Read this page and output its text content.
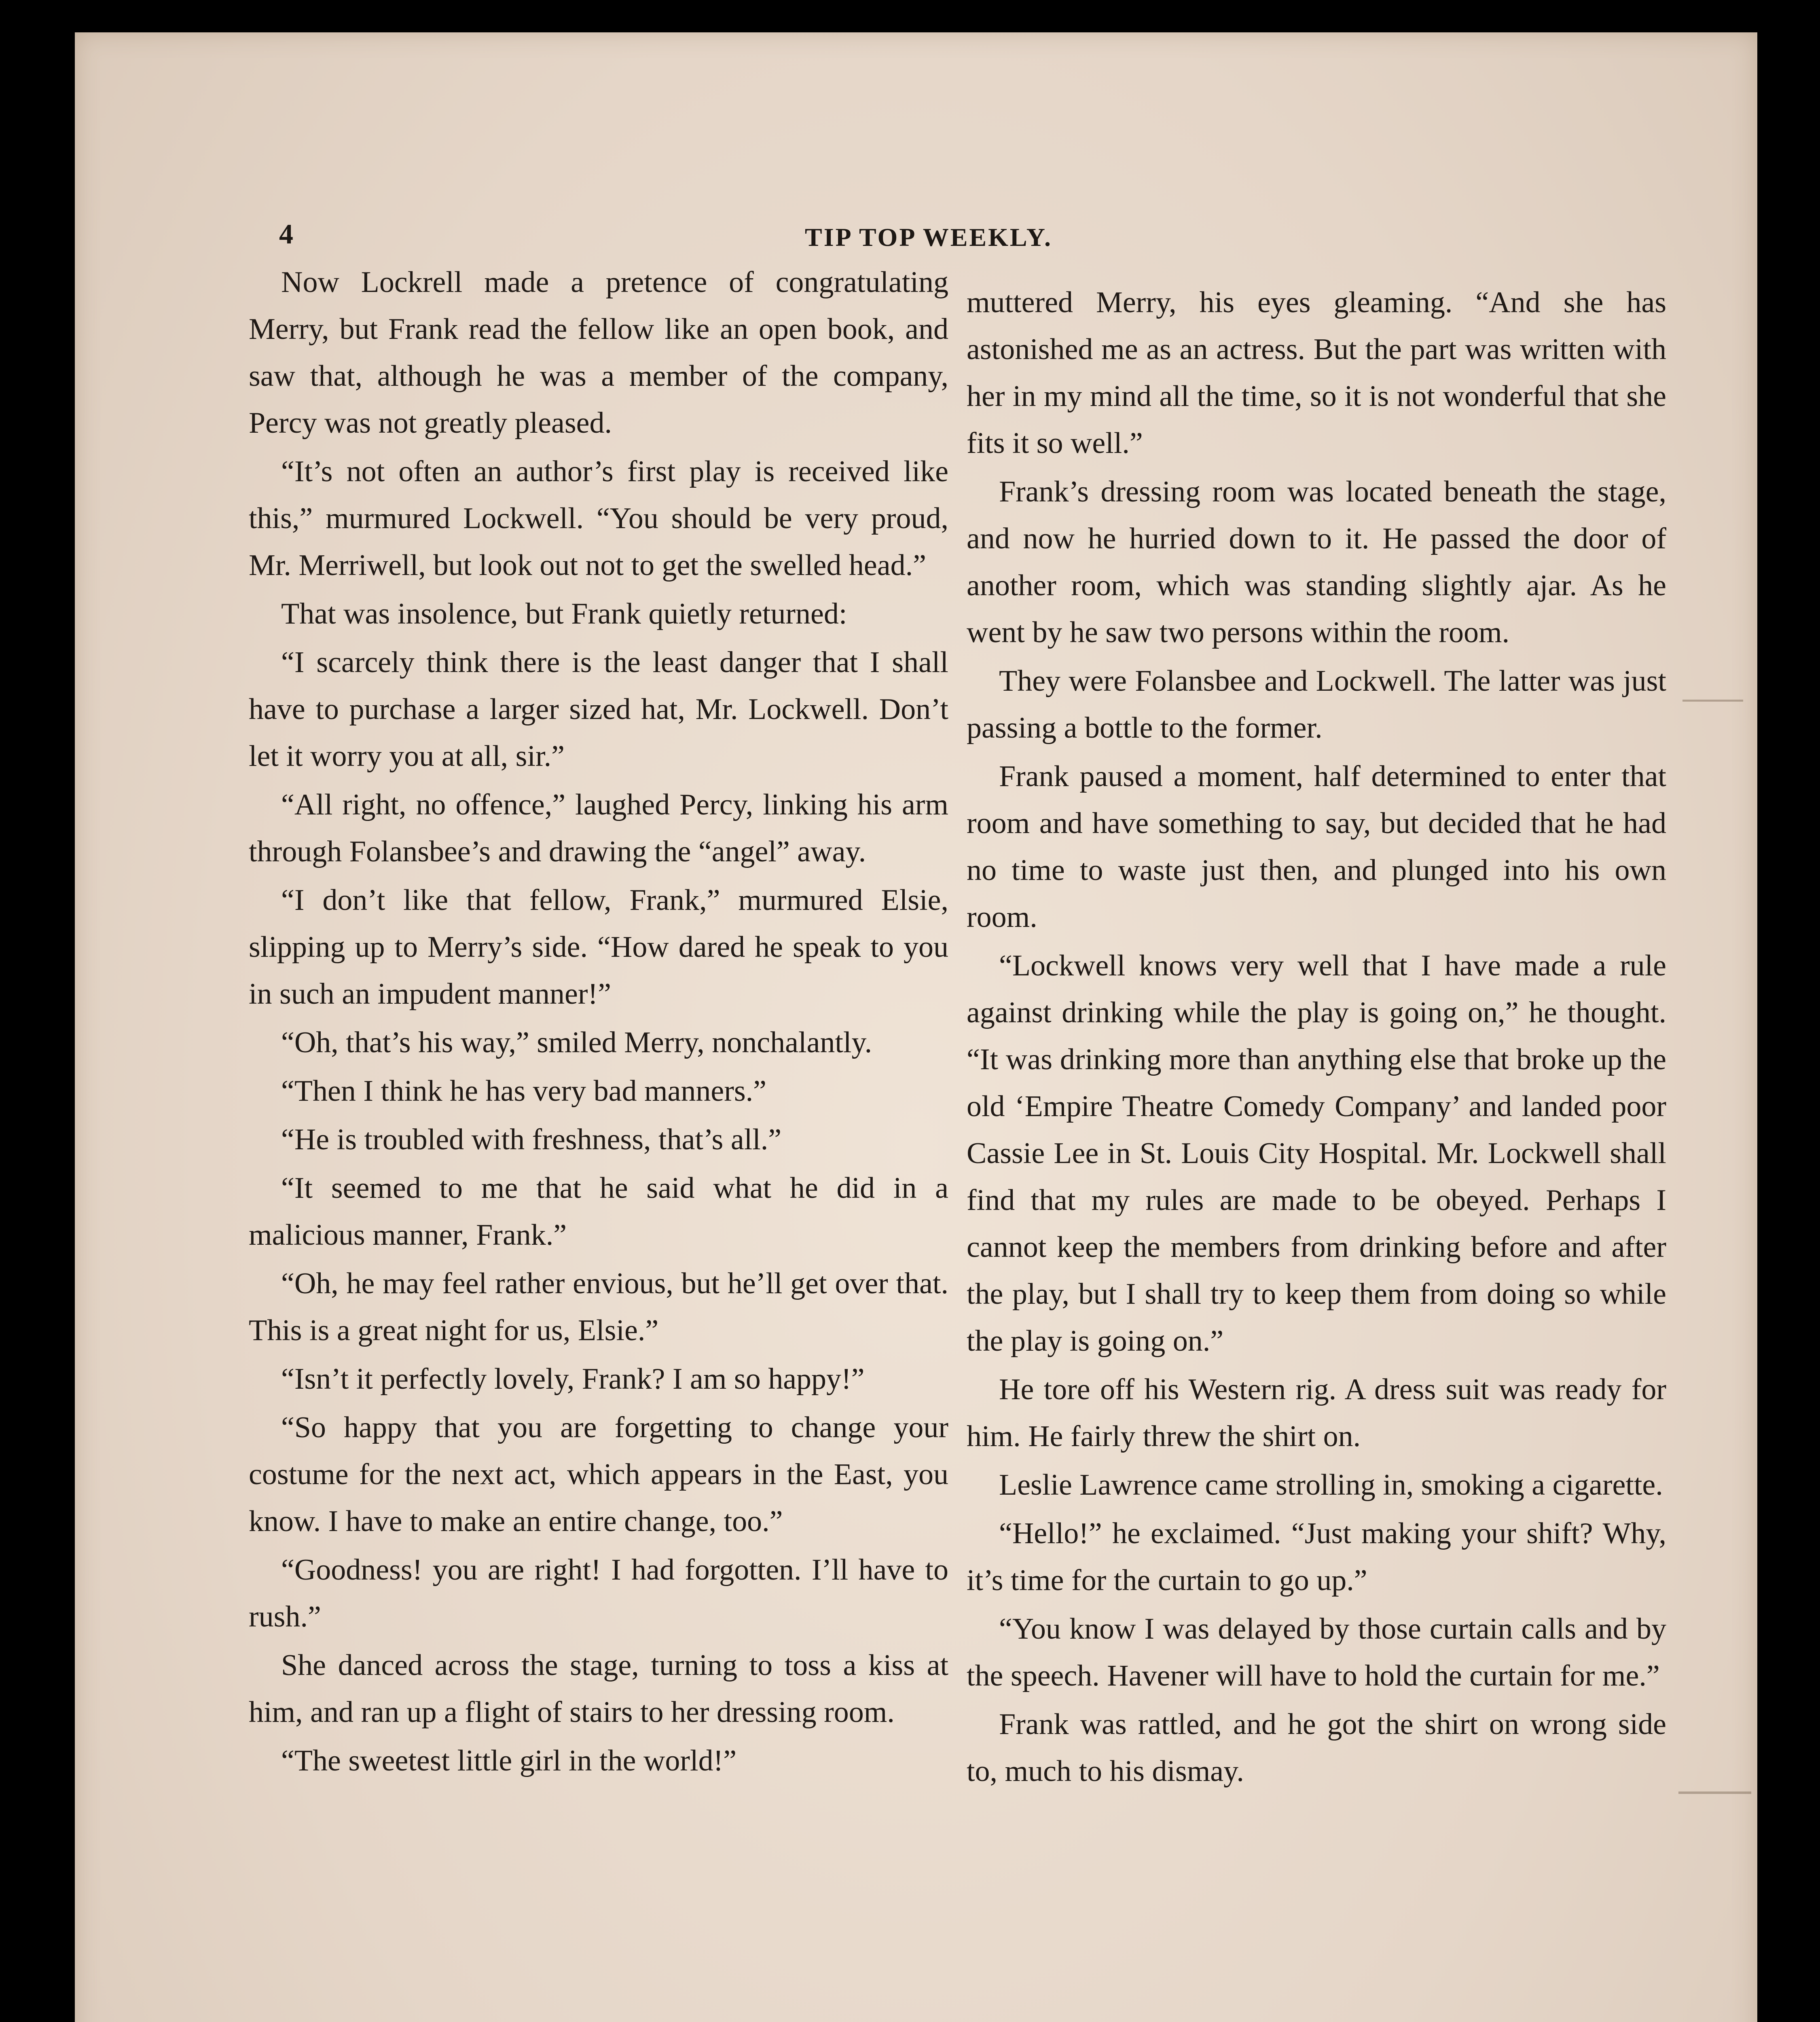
4	TIP TOP WEEKLY.

Now Lockrell made a pretence of congratulating Merry, but Frank read the fellow like an open book, and saw that, although he was a member of the company, Percy was not greatly pleased.

“It’s not often an author’s first play is received like this,” murmured Lockwell. “You should be very proud, Mr. Merriwell, but look out not to get the swelled head.”

That was insolence, but Frank quietly returned:

“I scarcely think there is the least danger that I shall have to purchase a larger sized hat, Mr. Lockwell. Don’t let it worry you at all, sir.”

“All right, no offence,” laughed Percy, linking his arm through Folansbee’s and drawing the “angel” away.

“I don’t like that fellow, Frank,” murmured Elsie, slipping up to Merry’s side. “How dared he speak to you in such an impudent manner!”

“Oh, that’s his way,” smiled Merry, nonchalantly.

“Then I think he has very bad manners.”

“He is troubled with freshness, that’s all.”

“It seemed to me that he said what he did in a malicious manner, Frank.”

“Oh, he may feel rather envious, but he’ll get over that. This is a great night for us, Elsie.”

“Isn’t it perfectly lovely, Frank? I am so happy!”

“So happy that you are forgetting to change your costume for the next act, which appears in the East, you know. I have to make an entire change, too.”

“Goodness! you are right! I had forgotten. I’ll have to rush.”

She danced across the stage, turning to toss a kiss at him, and ran up a flight of stairs to her dressing room.

“The sweetest little girl in the world!”

muttered Merry, his eyes gleaming. “And she has astonished me as an actress. But the part was written with her in my mind all the time, so it is not wonderful that she fits it so well.”

Frank’s dressing room was located beneath the stage, and now he hurried down to it. He passed the door of another room, which was standing slightly ajar. As he went by he saw two persons within the room.

They were Folansbee and Lockwell. The latter was just passing a bottle to the former.

Frank paused a moment, half determined to enter that room and have something to say, but decided that he had no time to waste just then, and plunged into his own room.

“Lockwell knows very well that I have made a rule against drinking while the play is going on,” he thought. “It was drinking more than anything else that broke up the old ‘Empire Theatre Comedy Company’ and landed poor Cassie Lee in St. Louis City Hospital. Mr. Lockwell shall find that my rules are made to be obeyed. Perhaps I cannot keep the members from drinking before and after the play, but I shall try to keep them from doing so while the play is going on.”

He tore off his Western rig. A dress suit was ready for him. He fairly threw the shirt on.

Leslie Lawrence came strolling in, smoking a cigarette.

“Hello!” he exclaimed. “Just making your shift? Why, it’s time for the curtain to go up.”

“You know I was delayed by those curtain calls and by the speech. Havener will have to hold the curtain for me.”

Frank was rattled, and he got the shirt on wrong side to, much to his dismay.
